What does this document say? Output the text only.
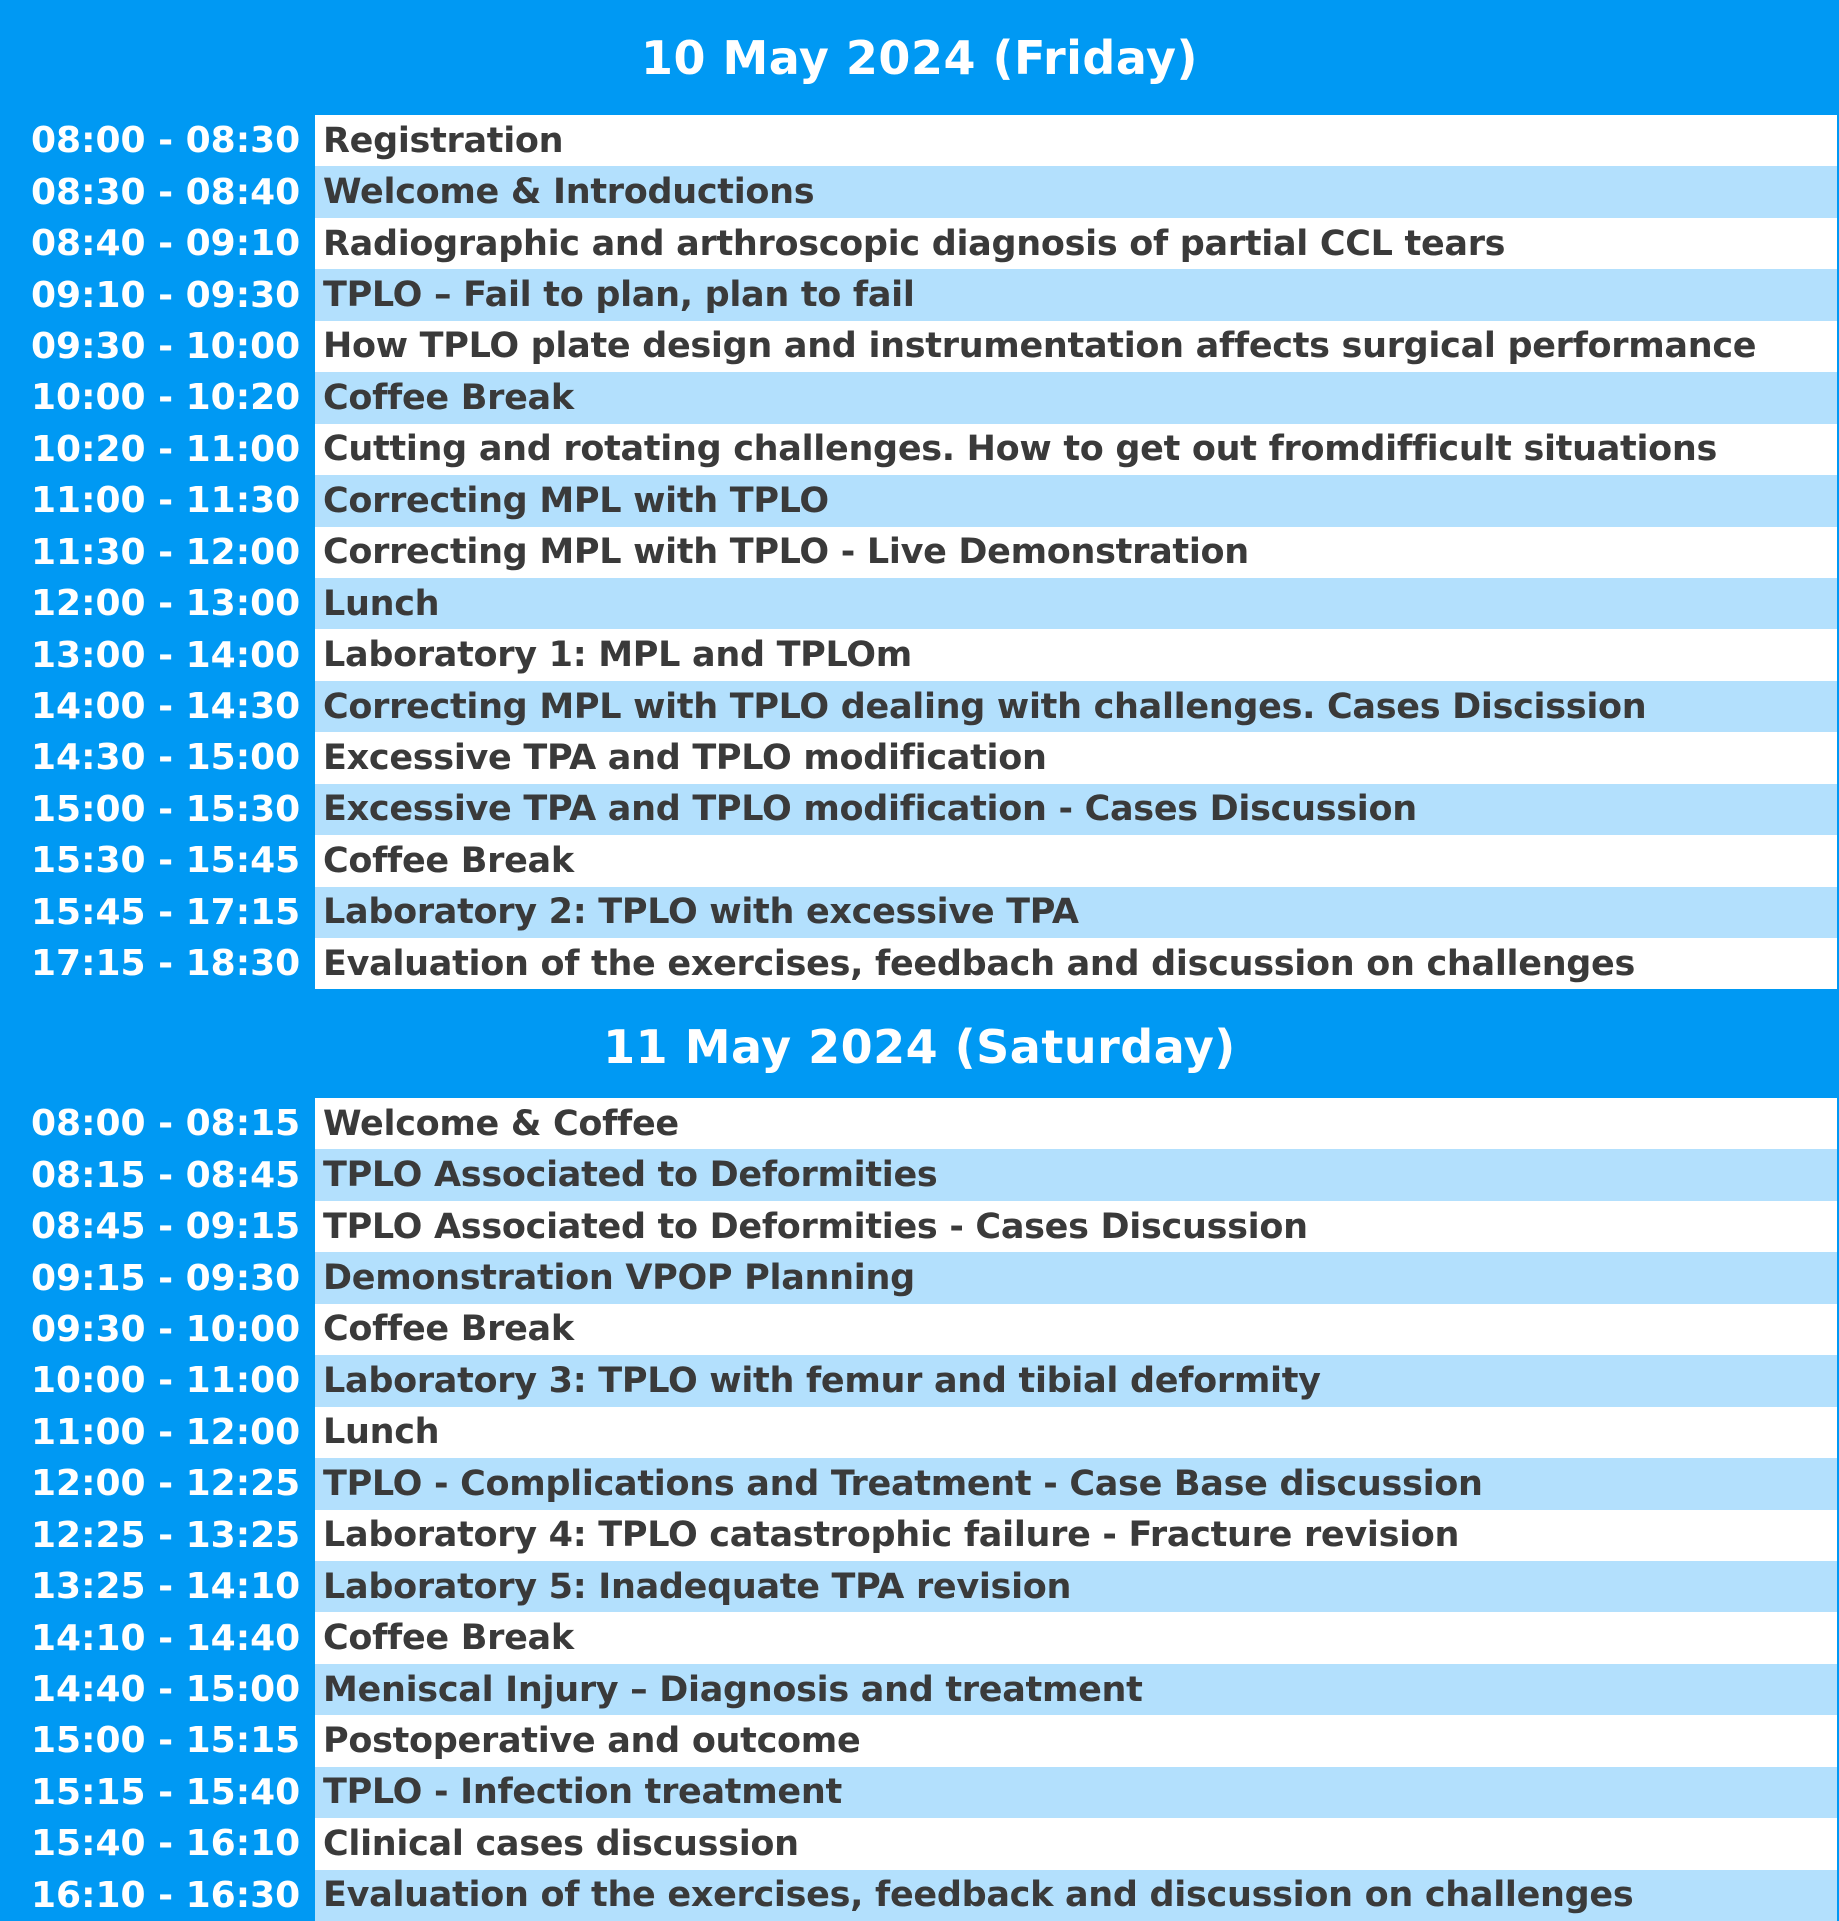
10 May 2024 (Friday)
08:00 - 08:30 Registration
08:30 - 08:40 Welcome & Introductions
08:40 - 09:10 Radiographic and arthroscopic diagnosis of partial CCL tears
09:10 - 09:30 TPLO – Fail to plan, plan to fail
09:30 - 10:00 How TPLO plate design and instrumentation affects surgical performance
10:00 - 10:20 Coffee Break
10:20 - 11:00 Cutting and rotating challenges. How to get out fromdifficult situations
11:00 - 11:30 Correcting MPL with TPLO
11:30 - 12:00 Correcting MPL with TPLO - Live Demonstration
12:00 - 13:00 Lunch
13:00 - 14:00 Laboratory 1: MPL and TPLOm
14:00 - 14:30 Correcting MPL with TPLO dealing with challenges. Cases Discission
14:30 - 15:00 Excessive TPA and TPLO modification
15:00 - 15:30 Excessive TPA and TPLO modification - Cases Discussion
15:30 - 15:45 Coffee Break
15:45 - 17:15 Laboratory 2: TPLO with excessive TPA
17:15 - 18:30 Evaluation of the exercises, feedbach and discussion on challenges
11 May 2024 (Saturday)
08:00 - 08:15 Welcome & Coffee
08:15 - 08:45 TPLO Associated to Deformities
08:45 - 09:15 TPLO Associated to Deformities - Cases Discussion
09:15 - 09:30 Demonstration VPOP Planning
09:30 - 10:00 Coffee Break
10:00 - 11:00 Laboratory 3: TPLO with femur and tibial deformity
11:00 - 12:00 Lunch
12:00 - 12:25 TPLO - Complications and Treatment - Case Base discussion
12:25 - 13:25 Laboratory 4: TPLO catastrophic failure - Fracture revision
13:25 - 14:10 Laboratory 5: Inadequate TPA revision
14:10 - 14:40 Coffee Break
14:40 - 15:00 Meniscal Injury – Diagnosis and treatment
15:00 - 15:15 Postoperative and outcome
15:15 - 15:40 TPLO - Infection treatment
15:40 - 16:10 Clinical cases discussion
16:10 - 16:30 Evaluation of the exercises, feedback and discussion on challenges
